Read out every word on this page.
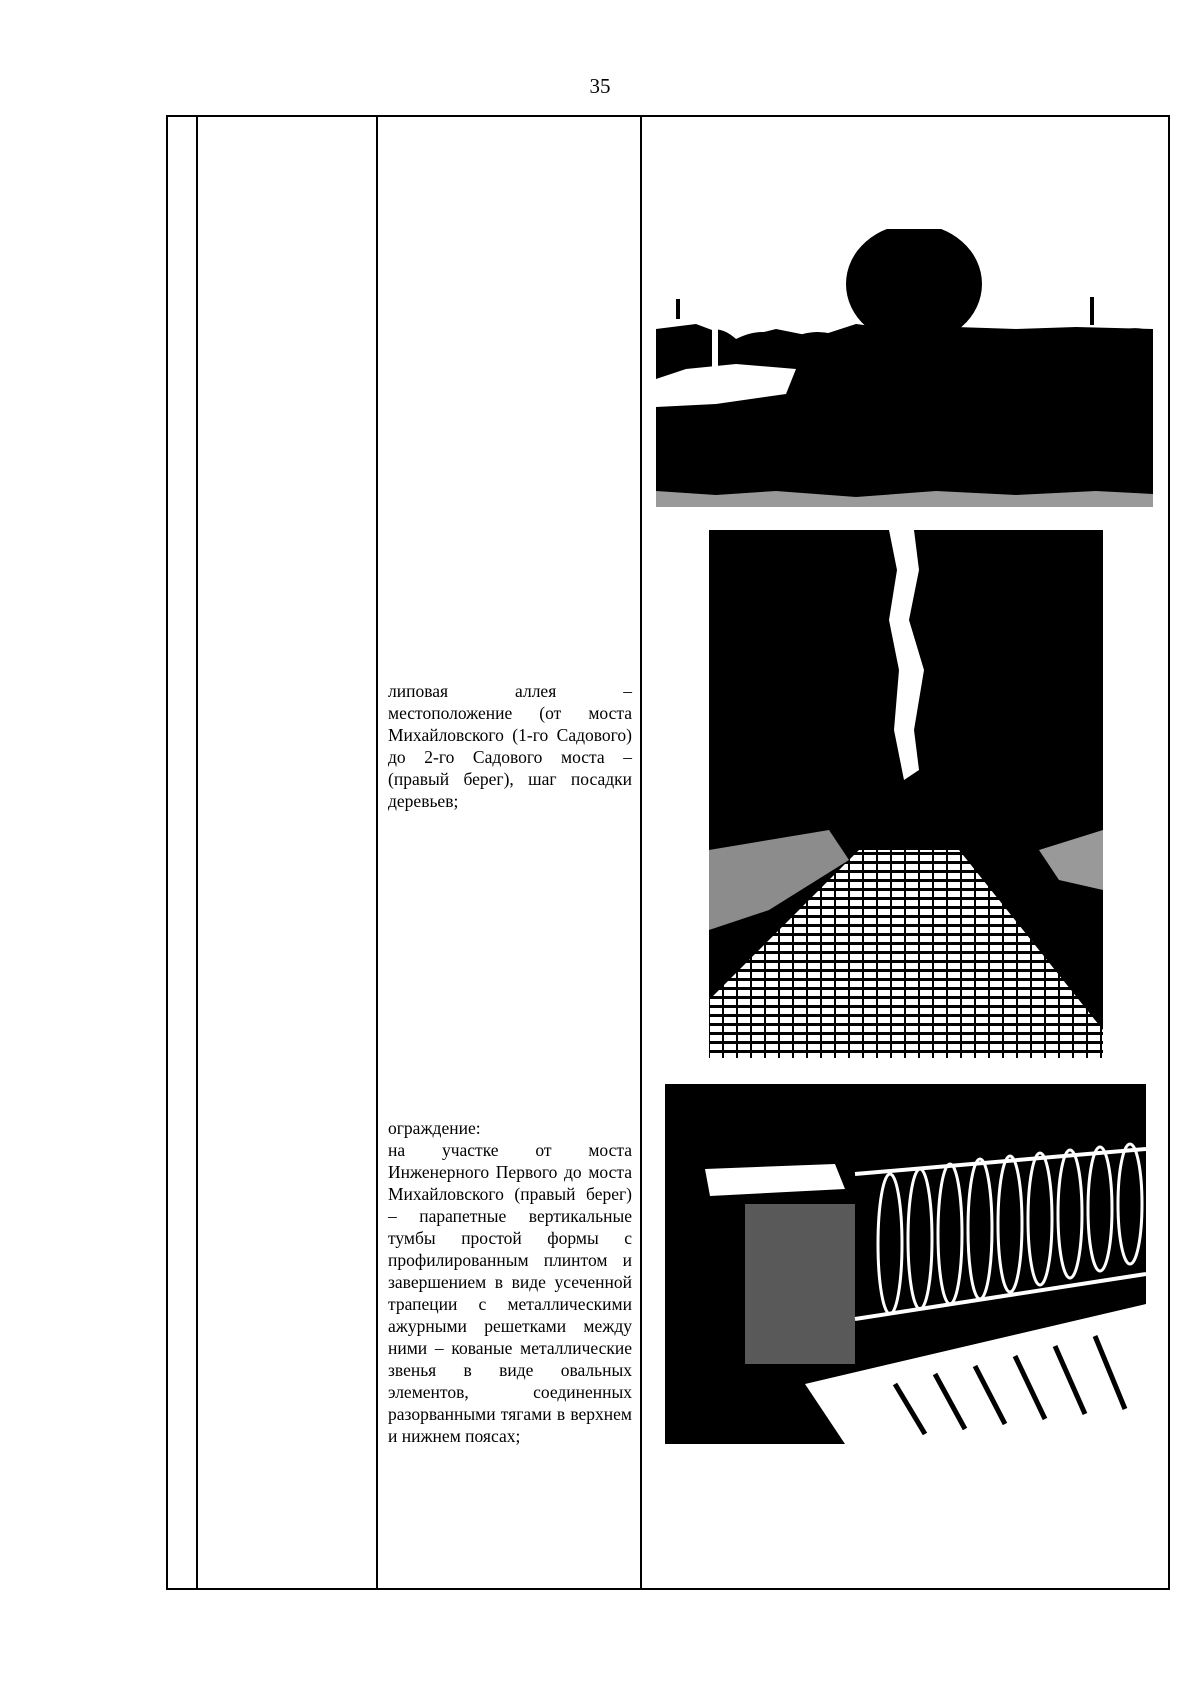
35

липовая аллея – местоположение (от моста Михайловского (1-го Садового) до 2-го Садового моста – (правый берег), шаг посадки деревьев;

ограждение:

на участке от моста Инженерного Первого до моста Михайловского (правый берег) – парапетные вертикальные тумбы простой формы с профилированным плинтом и завершением в виде усеченной трапеции с металлическими ажурными решетками между ними – кованые металлические звенья в виде овальных элементов, соединенных разорванными тягами в верхнем и нижнем поясах;
